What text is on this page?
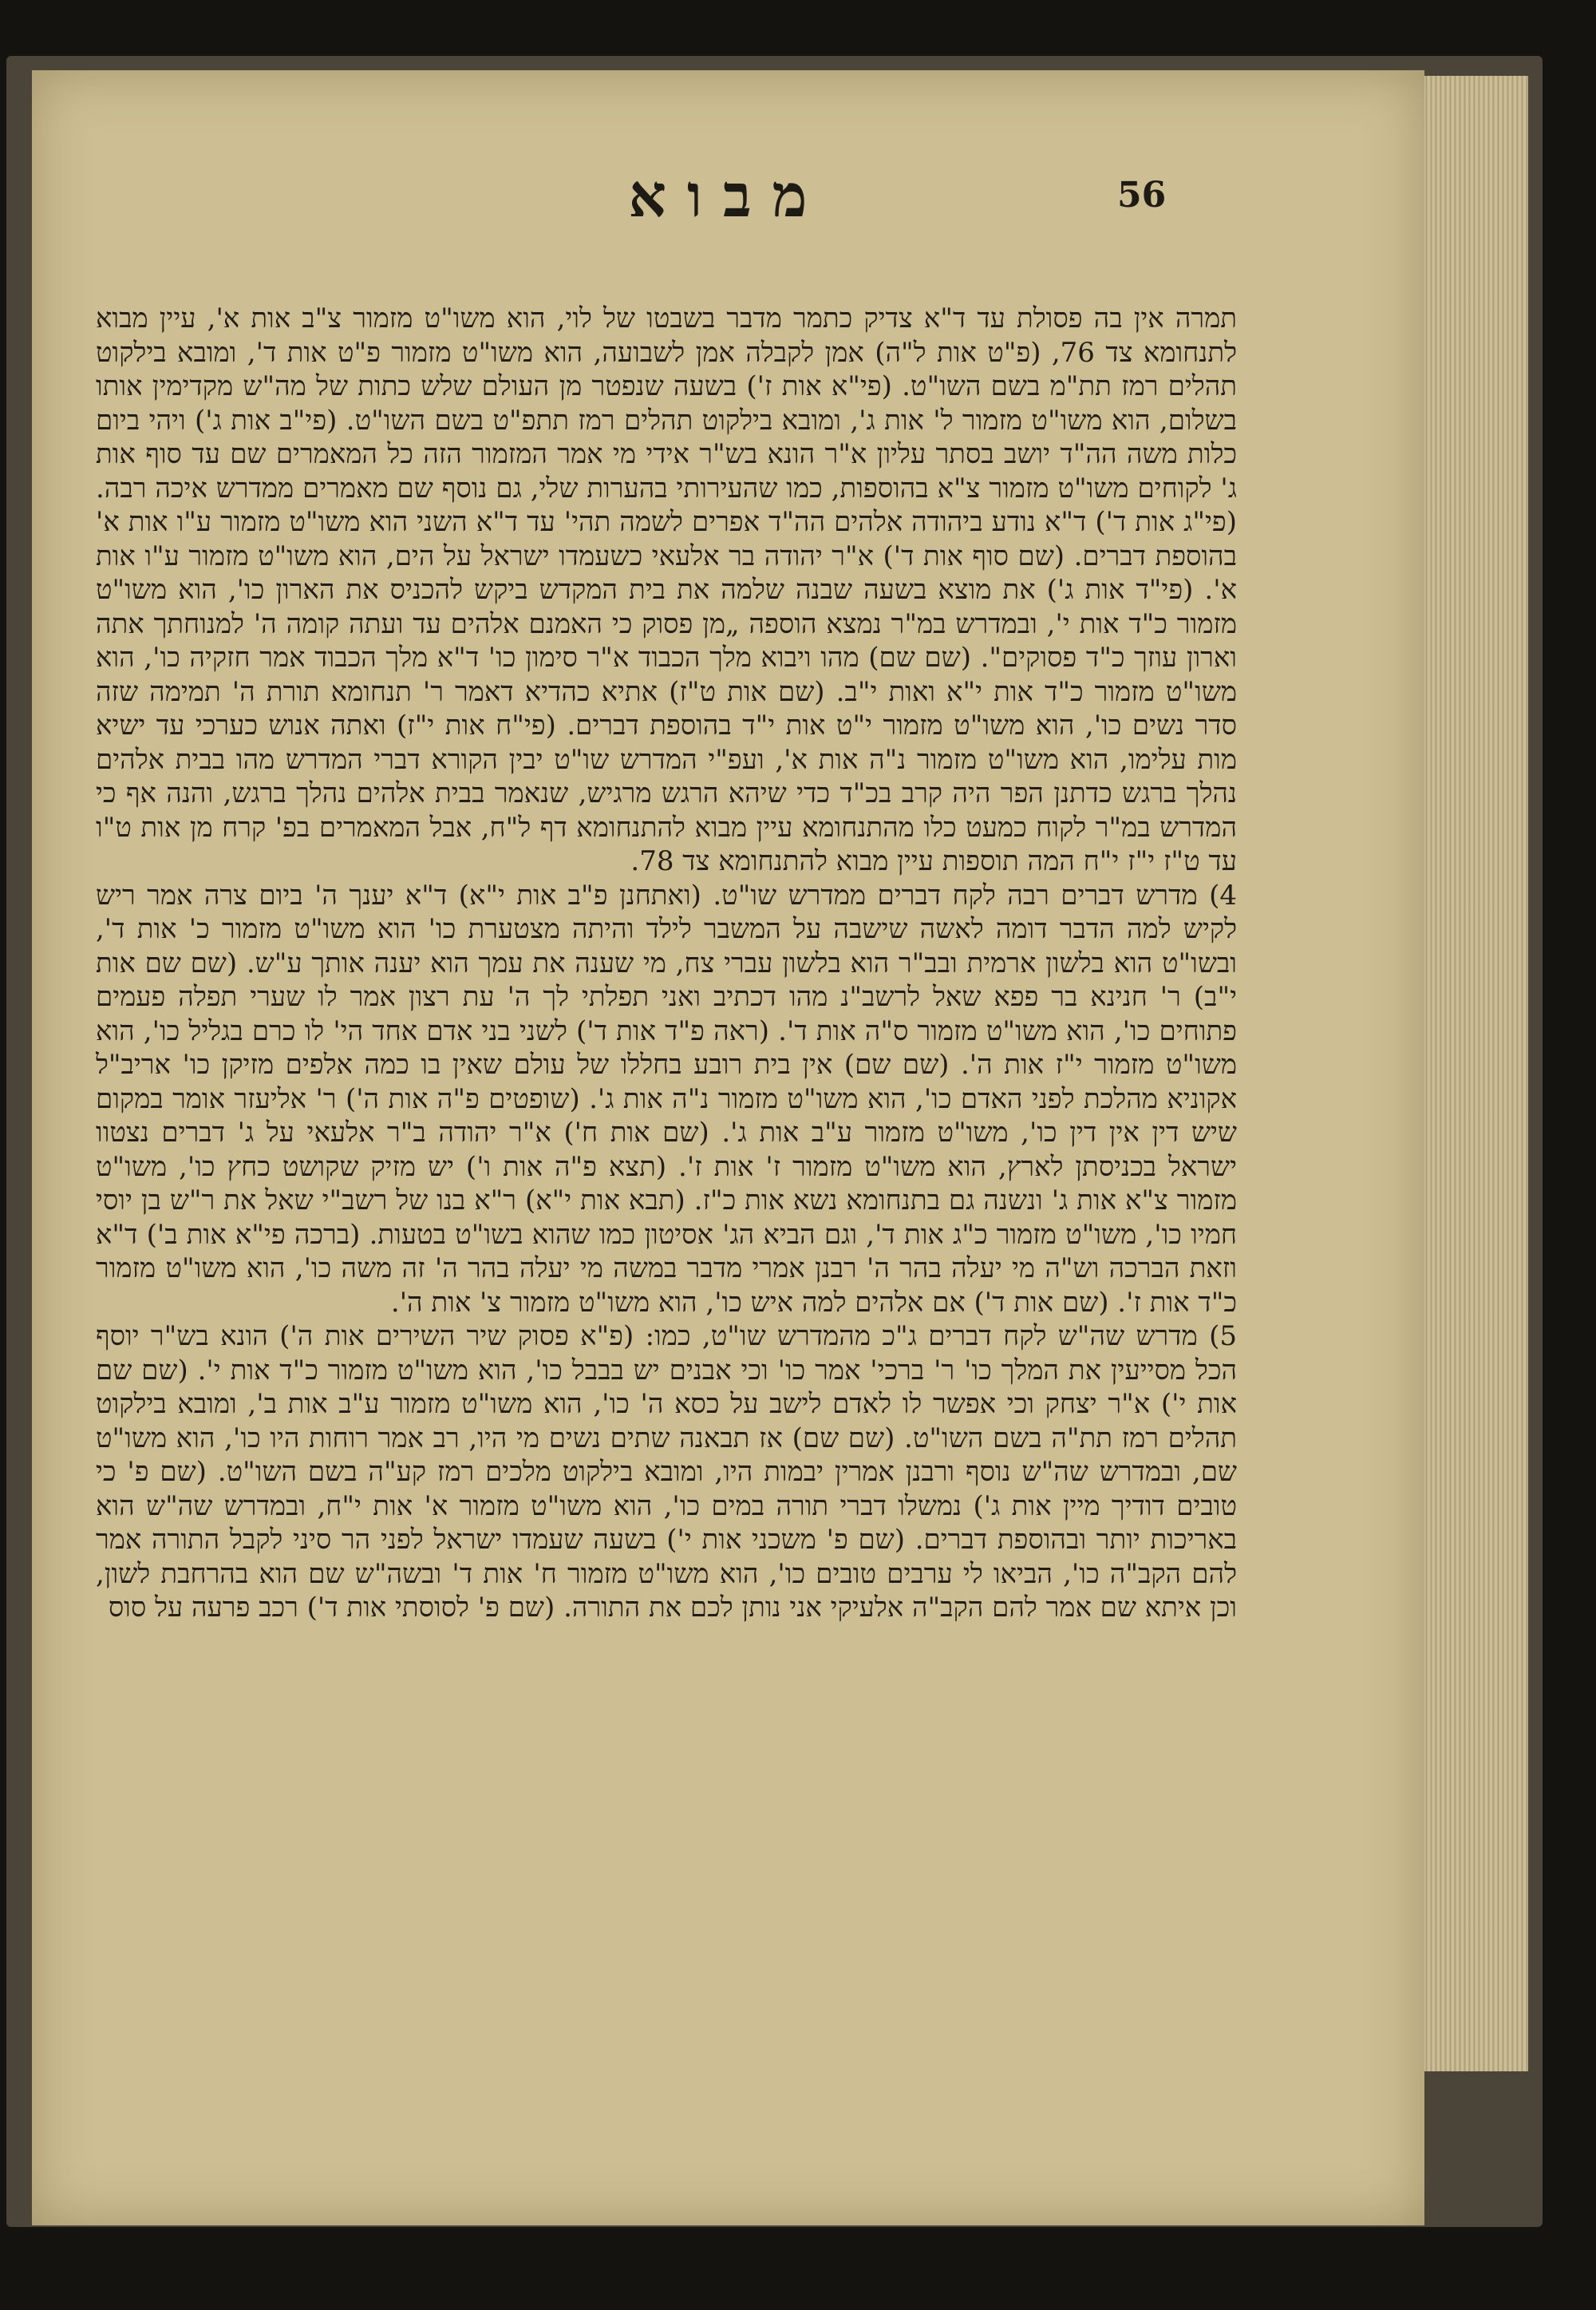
מבוא	56

תמרה אין בה פסולת עד ד"א צדיק כתמר מדבר בשבטו של לוי, הוא משו"ט מזמור צ"ב אות א', עיין מבוא לתנחומא צד 76, (פ"ט אות ל"ה) אמן לקבלה אמן לשבועה, הוא משו"ט מזמור פ"ט אות ד', ומובא בילקוט תהלים רמז תת"מ בשם השו"ט. (פי"א אות ז') בשעה שנפטר מן העולם שלש כתות של מה"ש מקדימין אותו בשלום, הוא משו"ט מזמור ל' אות ג', ומובא בילקוט תהלים רמז תתפ"ט בשם השו"ט. (פי"ב אות ג') ויהי ביום כלות משה הה"ד יושב בסתר עליון א"ר הונא בש"ר אידי מי אמר המזמור הזה כל המאמרים שם עד סוף אות ג' לקוחים משו"ט מזמור צ"א בהוספות, כמו שהעירותי בהערות שלי, גם נוסף שם מאמרים ממדרש איכה רבה. (פי"ג אות ד') ד"א נודע ביהודה אלהים הה"ד אפרים לשמה תהי' עד ד"א השני הוא משו"ט מזמור ע"ו אות א' בהוספת דברים. (שם סוף אות ד') א"ר יהודה בר אלעאי כשעמדו ישראל על הים, הוא משו"ט מזמור ע"ו אות א'. (פי"ד אות ג') את מוצא בשעה שבנה שלמה את בית המקדש ביקש להכניס את הארון כו', הוא משו"ט מזמור כ"ד אות י', ובמדרש במ"ר נמצא הוספה „מן פסוק כי האמנם אלהים עד ועתה קומה ה' למנוחתך אתה וארון עוזך כ"ד פסוקים". (שם שם) מהו ויבוא מלך הכבוד א"ר סימון כו' ד"א מלך הכבוד אמר חזקיה כו', הוא משו"ט מזמור כ"ד אות י"א ואות י"ב. (שם אות ט"ז) אתיא כהדיא דאמר ר' תנחומא תורת ה' תמימה שזה סדר נשים כו', הוא משו"ט מזמור י"ט אות י"ד בהוספת דברים. (פי"ח אות י"ז) ואתה אנוש כערכי עד ישיא מות עלימו, הוא משו"ט מזמור נ"ה אות א', ועפ"י המדרש שו"ט יבין הקורא דברי המדרש מהו בבית אלהים נהלך ברגש כדתנן הפר היה קרב בכ"ד כדי שיהא הרגש מרגיש, שנאמר בבית אלהים נהלך ברגש, והנה אף כי המדרש במ"ר לקוח כמעט כלו מהתנחומא עיין מבוא להתנחומא דף ל"ח, אבל המאמרים בפ' קרח מן אות ט"ו עד ט"ז י"ז י"ח המה תוספות עיין מבוא להתנחומא צד 78.

4) מדרש דברים רבה לקח דברים ממדרש שו"ט. (ואתחנן פ"ב אות י"א) ד"א יענך ה' ביום צרה אמר ריש לקיש למה הדבר דומה לאשה שישבה על המשבר לילד והיתה מצטערת כו' הוא משו"ט מזמור כ' אות ד', ובשו"ט הוא בלשון ארמית ובב"ר הוא בלשון עברי צח, מי שענה את עמך הוא יענה אותך ע"ש. (שם שם אות י"ב) ר' חנינא בר פפא שאל לרשב"נ מהו דכתיב ואני תפלתי לך ה' עת רצון אמר לו שערי תפלה פעמים פתוחים כו', הוא משו"ט מזמור ס"ה אות ד'. (ראה פ"ד אות ד') לשני בני אדם אחד הי' לו כרם בגליל כו', הוא משו"ט מזמור י"ז אות ה'. (שם שם) אין בית רובע בחללו של עולם שאין בו כמה אלפים מזיקן כו' אריב"ל אקוניא מהלכת לפני האדם כו', הוא משו"ט מזמור נ"ה אות ג'. (שופטים פ"ה אות ה') ר' אליעזר אומר במקום שיש דין אין דין כו', משו"ט מזמור ע"ב אות ג'. (שם אות ח') א"ר יהודה ב"ר אלעאי על ג' דברים נצטוו ישראל בכניסתן לארץ, הוא משו"ט מזמור ז' אות ז'. (תצא פ"ה אות ו') יש מזיק שקושט כחץ כו', משו"ט מזמור צ"א אות ג' ונשנה גם בתנחומא נשא אות כ"ז. (תבא אות י"א) ר"א בנו של רשב"י שאל את ר"ש בן יוסי חמיו כו', משו"ט מזמור כ"ג אות ד', וגם הביא הג' אסיטון כמו שהוא בשו"ט בטעות. (ברכה פי"א אות ב') ד"א וזאת הברכה וש"ה מי יעלה בהר ה' רבנן אמרי מדבר במשה מי יעלה בהר ה' זה משה כו', הוא משו"ט מזמור כ"ד אות ז'. (שם אות ד') אם אלהים למה איש כו', הוא משו"ט מזמור צ' אות ה'.

5) מדרש שה"ש לקח דברים ג"כ מהמדרש שו"ט, כמו: (פ"א פסוק שיר השירים אות ה') הונא בש"ר יוסף הכל מסייעין את המלך כו' ר' ברכי' אמר כו' וכי אבנים יש בבבל כו', הוא משו"ט מזמור כ"ד אות י'. (שם שם אות י') א"ר יצחק וכי אפשר לו לאדם לישב על כסא ה' כו', הוא משו"ט מזמור ע"ב אות ב', ומובא בילקוט תהלים רמז תת"ה בשם השו"ט. (שם שם) אז תבאנה שתים נשים מי היו, רב אמר רוחות היו כו', הוא משו"ט שם, ובמדרש שה"ש נוסף ורבנן אמרין יבמות היו, ומובא בילקוט מלכים רמז קע"ה בשם השו"ט. (שם פ' כי טובים דודיך מיין אות ג') נמשלו דברי תורה במים כו', הוא משו"ט מזמור א' אות י"ח, ובמדרש שה"ש הוא באריכות יותר ובהוספת דברים. (שם פ' משכני אות י') בשעה שעמדו ישראל לפני הר סיני לקבל התורה אמר להם הקב"ה כו', הביאו לי ערבים טובים כו', הוא משו"ט מזמור ח' אות ד' ובשה"ש שם הוא בהרחבת לשון, וכן איתא שם אמר להם הקב"ה אלעיקי אני נותן לכם את התורה. (שם פ' לסוסתי אות ד') רכב פרעה על סוס
